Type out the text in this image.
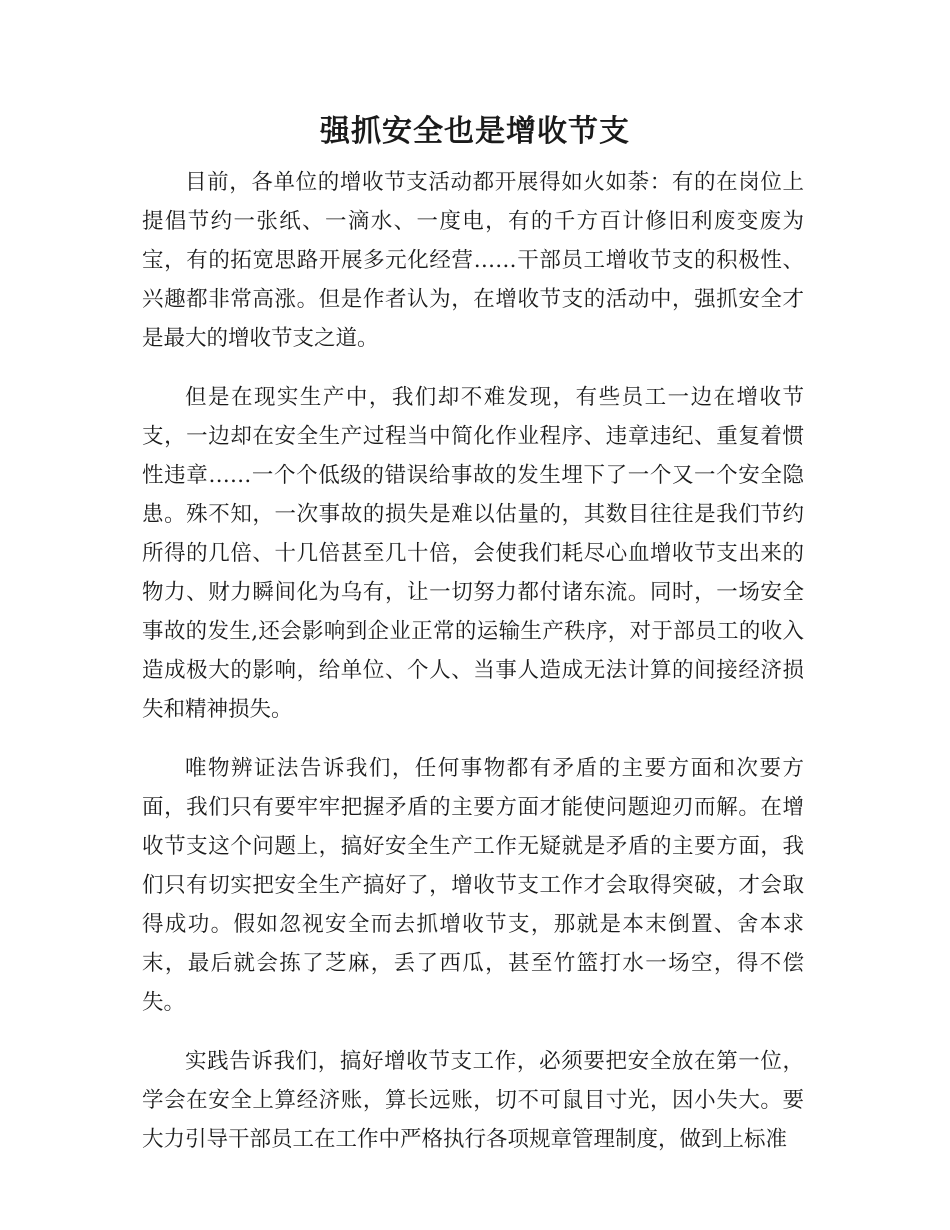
强抓安全也是增收节支

目前，各单位的增收节支活动都开展得如火如荼：有的在岗位上提倡节约一张纸、一滴水、一度电，有的千方百计修旧利废变废为宝，有的拓宽思路开展多元化经营……干部员工增收节支的积极性、兴趣都非常高涨。但是作者认为，在增收节支的活动中，强抓安全才是最大的增收节支之道。

但是在现实生产中，我们却不难发现，有些员工一边在增收节支，一边却在安全生产过程当中简化作业程序、违章违纪、重复着惯性违章……一个个低级的错误给事故的发生埋下了一个又一个安全隐患。殊不知，一次事故的损失是难以估量的，其数目往往是我们节约所得的几倍、十几倍甚至几十倍，会使我们耗尽心血增收节支出来的物力、财力瞬间化为乌有，让一切努力都付诸东流。同时，一场安全事故的发生,还会影响到企业正常的运输生产秩序，对于部员工的收入造成极大的影响，给单位、个人、当事人造成无法计算的间接经济损失和精神损失。

唯物辨证法告诉我们，任何事物都有矛盾的主要方面和次要方面，我们只有要牢牢把握矛盾的主要方面才能使问题迎刃而解。在增收节支这个问题上，搞好安全生产工作无疑就是矛盾的主要方面，我们只有切实把安全生产搞好了，增收节支工作才会取得突破，才会取得成功。假如忽视安全而去抓增收节支，那就是本末倒置、舍本求末，最后就会拣了芝麻，丢了西瓜，甚至竹篮打水一场空，得不偿失。

实践告诉我们，搞好增收节支工作，必须要把安全放在第一位，学会在安全上算经济账，算长远账，切不可鼠目寸光，因小失大。要大力引导干部员工在工作中严格执行各项规章管理制度，做到上标准
